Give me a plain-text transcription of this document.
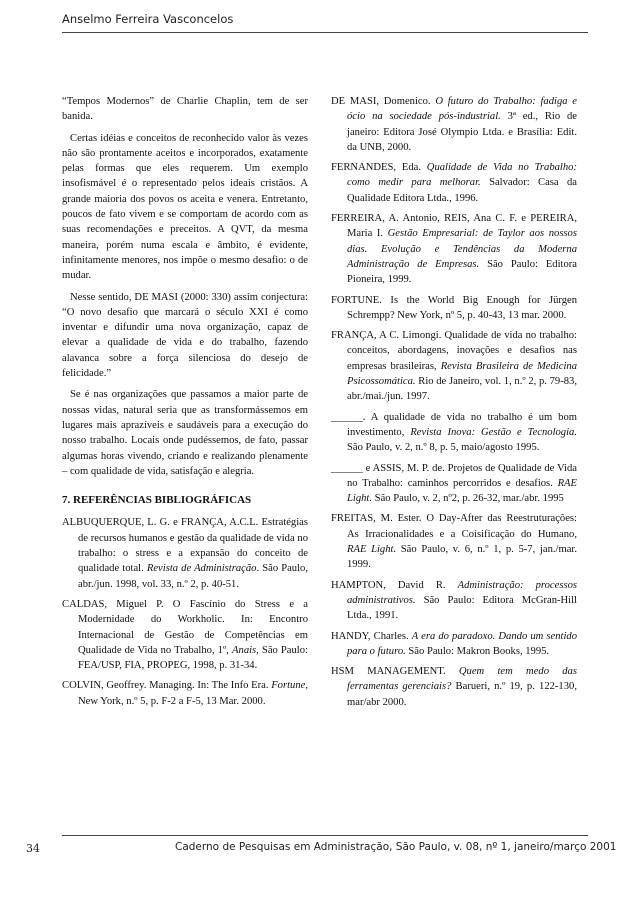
Anselmo Ferreira Vasconcelos

“Tempos Modernos” de Charlie Chaplin, tem de ser banida.

Certas idéias e conceitos de reconhecido valor às vezes não são prontamente aceitos e incorporados, exatamente pelas formas que eles requerem. Um exemplo insofismável é o representado pelos ideais cristãos. A grande maioria dos povos os aceita e venera. Entretanto, poucos de fato vivem e se comportam de acordo com as suas recomendações e preceitos. A QVT, da mesma maneira, porém numa escala e âmbito, é evidente, infinitamente menores, nos impõe o mesmo desafio: o de mudar.

Nesse sentido, DE MASI (2000: 330) assim conjectura: “O novo desafio que marcará o século XXI é como inventar e difundir uma nova organização, capaz de elevar a qualidade de vida e do trabalho, fazendo alavanca sobre a força silenciosa do desejo de felicidade.”

Se é nas organizações que passamos a maior parte de nossas vidas, natural seria que as transformássemos em lugares mais aprazíveis e saudáveis para a execução do nosso trabalho. Locais onde pudéssemos, de fato, passar algumas horas vivendo, criando e realizando plenamente – com qualidade de vida, satisfação e alegria.

7. REFERÊNCIAS BIBLIOGRÁFICAS

ALBUQUERQUE, L. G. e FRANÇA, A.C.L. Estratégias de recursos humanos e gestão da qualidade de vida no trabalho: o stress e a expansão do conceito de qualidade total. Revista de Administração. São Paulo, abr./jun. 1998, vol. 33, n.º 2, p. 40-51.

CALDAS, Miguel P. O Fascínio do Stress e a Modernidade do Workholic. In: Encontro Internacional de Gestão de Competências em Qualidade de Vida no Trabalho, 1º, Anais, São Paulo: FEA/USP, FIA, PROPEG, 1998, p. 31-34.

COLVIN, Geoffrey. Managing. In: The Info Era. Fortune, New York, n.º 5, p. F-2 a F-5, 13 Mar. 2000.

DE MASI, Domenico. O futuro do Trabalho: fadiga e ócio na sociedade pós-industrial. 3ª ed., Rio de janeiro: Editora José Olympio Ltda. e Brasília: Edit. da UNB, 2000.

FERNANDES, Eda. Qualidade de Vida no Trabalho: como medir para melhorar. Salvador: Casa da Qualidade Editora Ltda., 1996.

FERREIRA, A. Antonio, REIS, Ana C. F. e PEREIRA, Maria I. Gestão Empresarial: de Taylor aos nossos dias. Evolução e Tendências da Moderna Administração de Empresas. São Paulo: Editora Pioneira, 1999.

FORTUNE. Is the World Big Enough for Jürgen Schrempp? New York, nº 5, p. 40-43, 13 mar. 2000.

FRANÇA, A C. Limongi. Qualidade de vida no trabalho: conceitos, abordagens, inovações e desafios nas empresas brasileiras, Revista Brasileira de Medicina Psicossomática. Rio de Janeiro, vol. 1, n.º 2, p. 79-83, abr./mai./jun. 1997.

______. A qualidade de vida no trabalho é um bom investimento, Revista Inova: Gestão e Tecnologia. São Paulo, v. 2, n.º 8, p. 5, maio/agosto 1995.

______ e ASSIS, M. P. de. Projetos de Qualidade de Vida no Trabalho: caminhos percorridos e desafios. RAE Light. São Paulo, v. 2, nº2, p. 26-32, mar./abr. 1995

FREITAS, M. Ester. O Day-After das Reestruturações: As Irracionalidades e a Coisificação do Humano, RAE Light. São Paulo, v. 6, n.º 1, p. 5-7, jan./mar. 1999.

HAMPTON, David R. Administração: processos administrativos. São Paulo: Editora McGran-Hill Ltda., 1991.

HANDY, Charles. A era do paradoxo. Dando um sentido para o futuro. São Paulo: Makron Books, 1995.

HSM MANAGEMENT. Quem tem medo das ferramentas gerenciais? Barueri, n.º 19, p. 122-130, mar/abr 2000.

34	Caderno de Pesquisas em Administração, São Paulo, v. 08, nº 1, janeiro/março 2001
